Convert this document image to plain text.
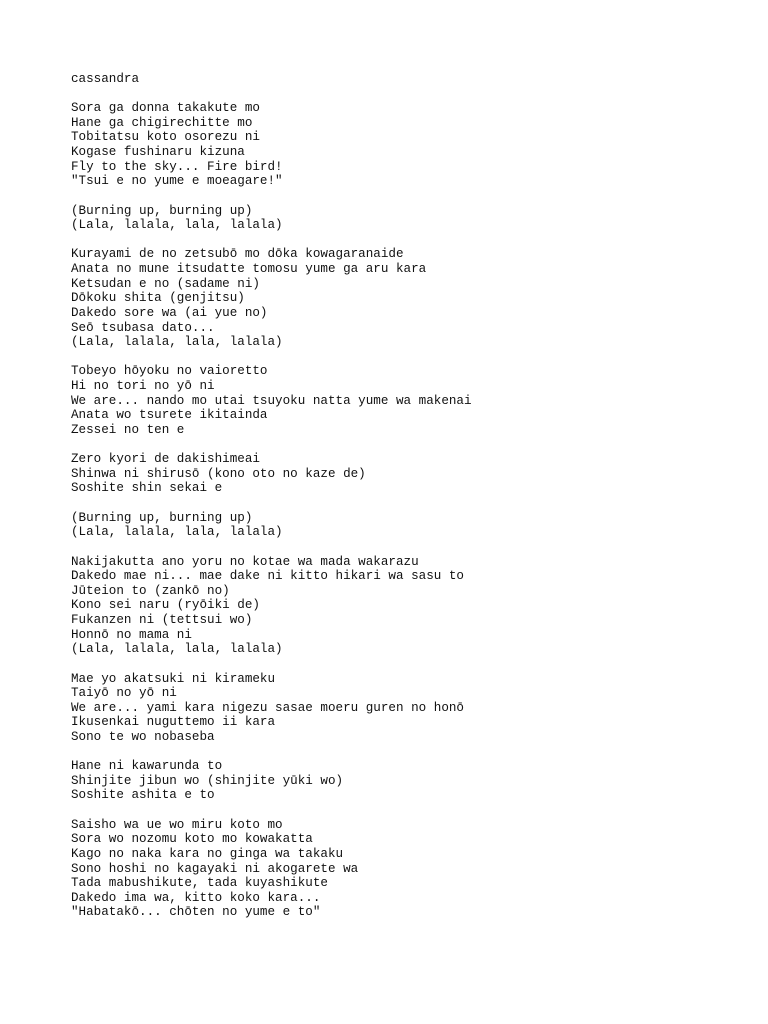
cassandra
Sora ga donna takakute mo
Hane ga chigirechitte mo
Tobitatsu koto osorezu ni
Kogase fushinaru kizuna
Fly to the sky... Fire bird!
"Tsui e no yume e moeagare!"
(Burning up, burning up)
(Lala, lalala, lala, lalala)
Kurayami de no zetsubō mo dōka kowagaranaide
Anata no mune itsudatte tomosu yume ga aru kara
Ketsudan e no (sadame ni)
Dōkoku shita (genjitsu)
Dakedo sore wa (ai yue no)
Seō tsubasa dato...
(Lala, lalala, lala, lalala)
Tobeyo hōyoku no vaioretto
Hi no tori no yō ni
We are... nando mo utai tsuyoku natta yume wa makenai
Anata wo tsurete ikitainda
Zessei no ten e
Zero kyori de dakishimeai
Shinwa ni shirusō (kono oto no kaze de)
Soshite shin sekai e
(Burning up, burning up)
(Lala, lalala, lala, lalala)
Nakijakutta ano yoru no kotae wa mada wakarazu
Dakedo mae ni... mae dake ni kitto hikari wa sasu to
Jūteion to (zankō no)
Kono sei naru (ryōiki de)
Fukanzen ni (tettsui wo)
Honnō no mama ni
(Lala, lalala, lala, lalala)
Mae yo akatsuki ni kirameku
Taiyō no yō ni
We are... yami kara nigezu sasae moeru guren no honō
Ikusenkai nuguttemo ii kara
Sono te wo nobaseba
Hane ni kawarunda to
Shinjite jibun wo (shinjite yūki wo)
Soshite ashita e to
Saisho wa ue wo miru koto mo
Sora wo nozomu koto mo kowakatta
Kago no naka kara no ginga wa takaku
Sono hoshi no kagayaki ni akogarete wa
Tada mabushikute, tada kuyashikute
Dakedo ima wa, kitto koko kara...
"Habatakō... chōten no yume e to"
